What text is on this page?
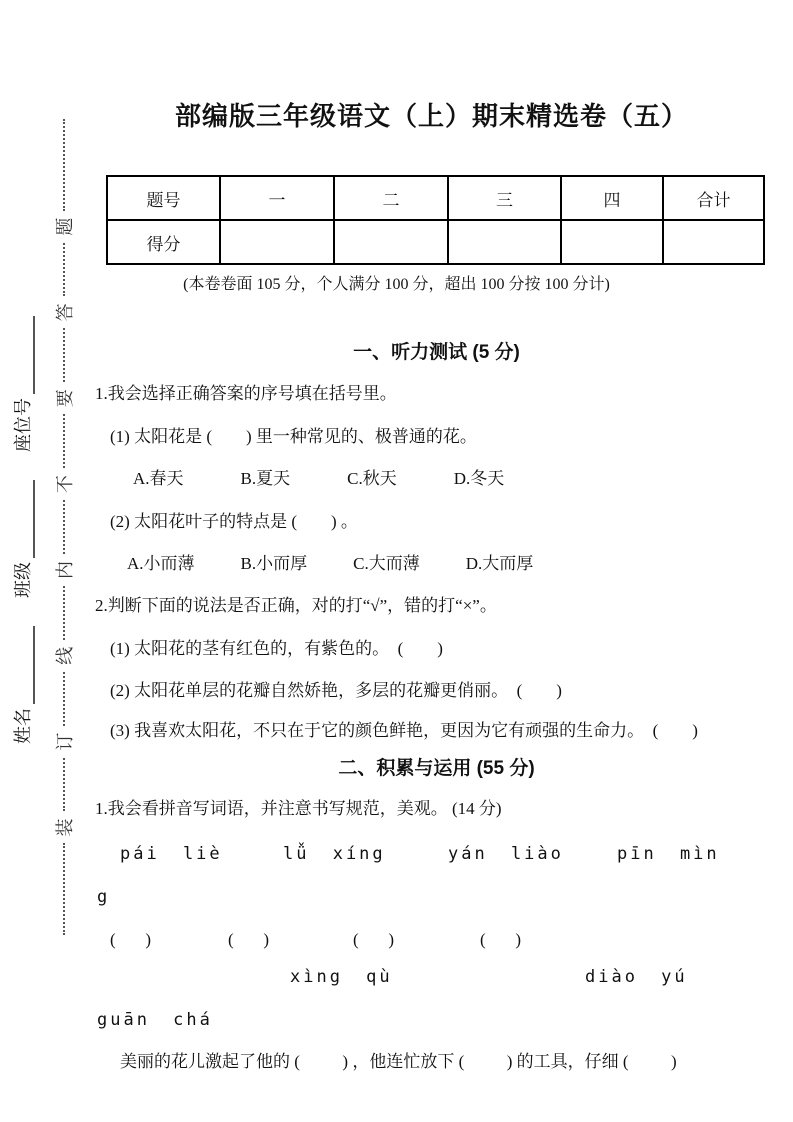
姓名
班级
座位号
装
订
线
内
不
要
答
题
部编版三年级语文（上）期末精选卷（五）
题号	一	二	三	四	合计
得分					
(本卷卷面 105 分，个人满分 100 分，超出 100 分按 100 分计)
一、听力测试 (5 分)
1.我会选择正确答案的序号填在括号里。
(1) 太阳花是 (        ) 里一种常见的、极普通的花。
A.春天	B.夏天	C.秋天	D.冬天
(2) 太阳花叶子的特点是 (        ) 。
A.小而薄	B.小而厚	C.大而薄	D.大而厚
2.判断下面的说法是否正确，对的打“√”，错的打“×”。
(1) 太阳花的茎有红色的，有紫色的。  (        )
(2) 太阳花单层的花瓣自然娇艳，多层的花瓣更俏丽。  (        )
(3) 我喜欢太阳花，不只在于它的颜色鲜艳，更因为它有顽强的生命力。  (        )
二、积累与运用 (55 分)
1.我会看拼音写词语，并注意书写规范，美观。 (14 分)
pái liè	lǚ xíng	yán liào	pīn mìn
g
(       )	(       )	(       )	(       )
xìng qù	diào yú
guān chá
美丽的花儿激起了他的 (          ) ，他连忙放下 (          ) 的工具，仔细 (          )
